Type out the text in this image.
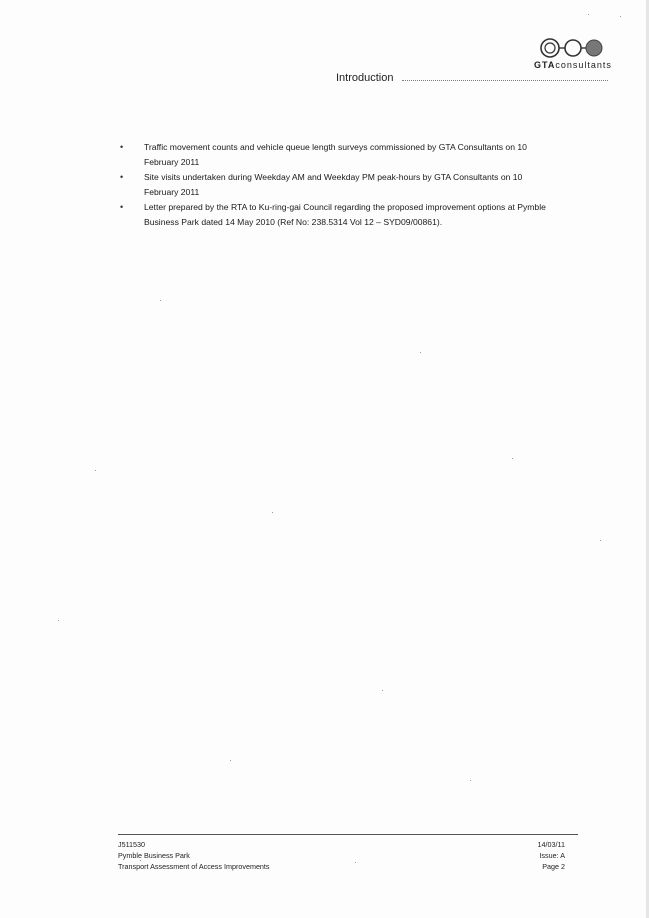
GTAconsultants
Introduction
• Traffic movement counts and vehicle queue length surveys commissioned by GTA Consultants on 10 February 2011
• Site visits undertaken during Weekday AM and Weekday PM peak-hours by GTA Consultants on 10 February 2011
• Letter prepared by the RTA to Ku-ring-gai Council regarding the proposed improvement options at Pymble Business Park dated 14 May 2010 (Ref No: 238.5314 Vol 12 – SYD09/00861).
J511530
Pymble Business Park
Transport Assessment of Access Improvements
14/03/11
Issue: A
Page 2
